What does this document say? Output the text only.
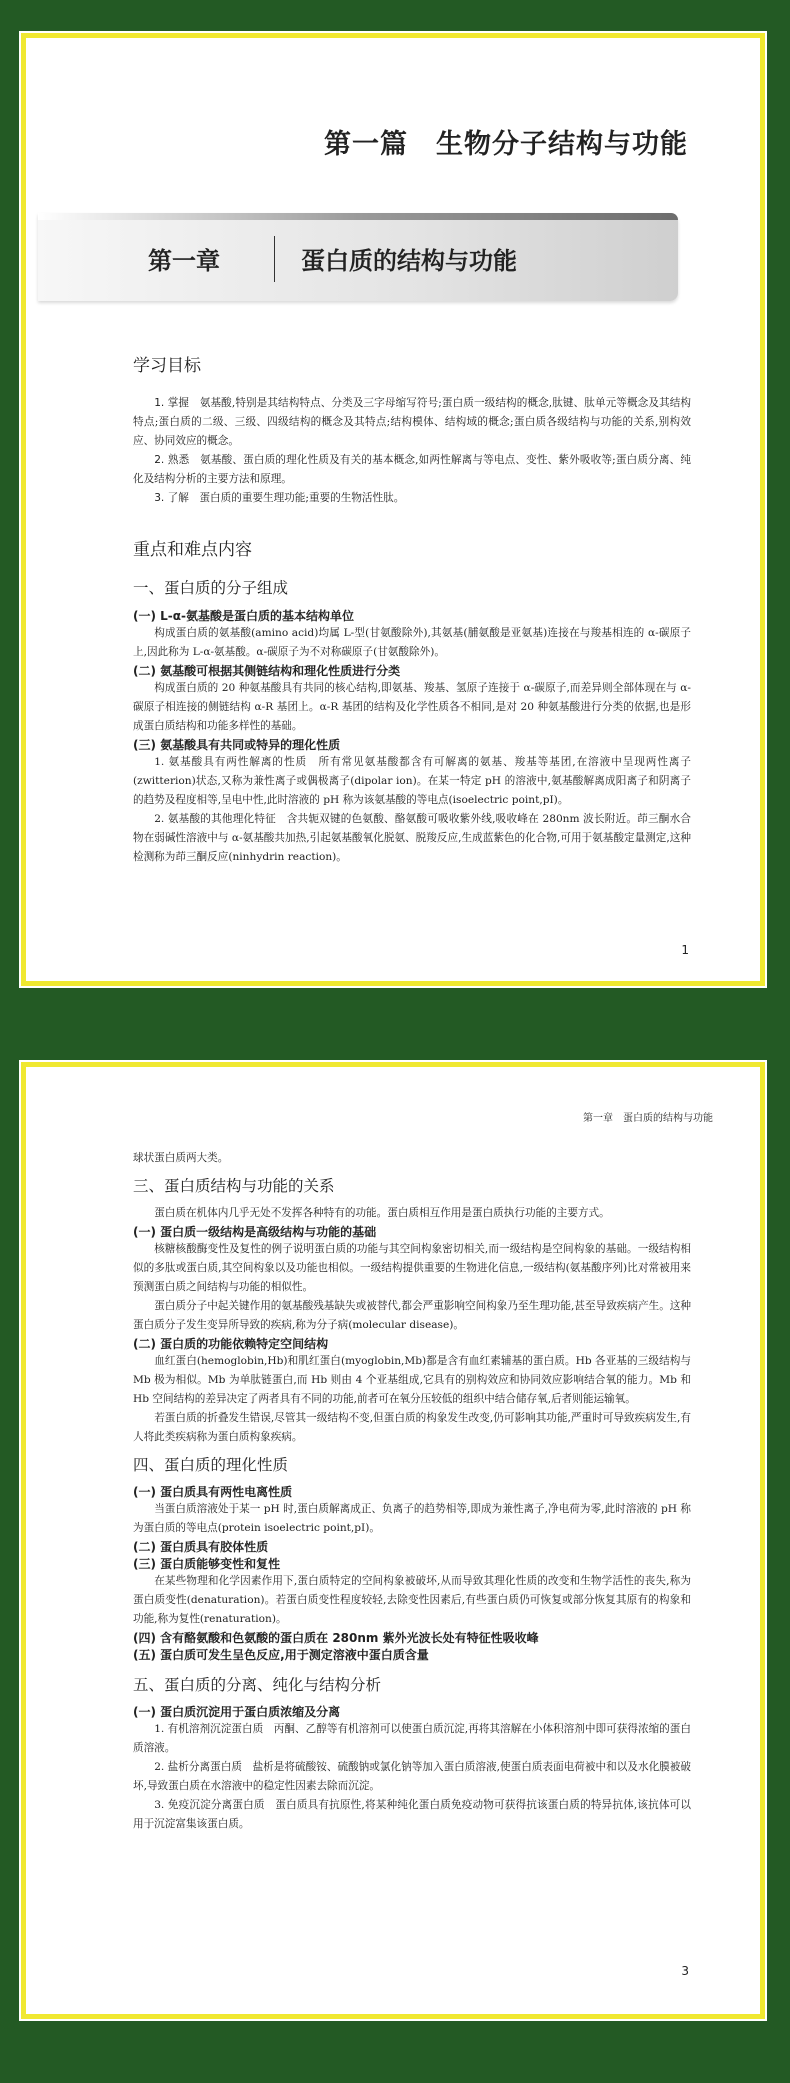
第一篇　生物分子结构与功能
第一章	蛋白质的结构与功能
学习目标

1. 掌握　 氨基酸,特别是其结构特点、分类及三字母缩写符号;蛋白质一级结构的概念,肽键、肽单元等概念及其结构特点;蛋白质的二级、三级、四级结构的概念及其特点;结构模体、结构域的概念;蛋白质各级结构与功能的关系,别构效应、协同效应的概念。

2. 熟悉　 氨基酸、蛋白质的理化性质及有关的基本概念,如两性解离与等电点、变性、紫外吸收等;蛋白质分离、纯化及结构分析的主要方法和原理。

3. 了解　 蛋白质的重要生理功能;重要的生物活性肽。

重点和难点内容
一、蛋白质的分子组成
(一) L-α-氨基酸是蛋白质的基本结构单位

构成蛋白质的氨基酸(amino acid)均属 L-型(甘氨酸除外),其氨基(脯氨酸是亚氨基)连接在与羧基相连的 α-碳原子上,因此称为 L-α-氨基酸。α-碳原子为不对称碳原子(甘氨酸除外)。

(二) 氨基酸可根据其侧链结构和理化性质进行分类

构成蛋白质的 20 种氨基酸具有共同的核心结构,即氨基、羧基、氢原子连接于 α-碳原子,而差异则全部体现在与 α-碳原子相连接的侧链结构 α-R 基团上。α-R 基团的结构及化学性质各不相同,是对 20 种氨基酸进行分类的依据,也是形成蛋白质结构和功能多样性的基础。

(三) 氨基酸具有共同或特异的理化性质

1. 氨基酸具有两性解离的性质　所有常见氨基酸都含有可解离的氨基、羧基等基团,在溶液中呈现两性离子(zwitterion)状态,又称为兼性离子或偶极离子(dipolar ion)。在某一特定 pH 的溶液中,氨基酸解离成阳离子和阴离子的趋势及程度相等,呈电中性,此时溶液的 pH 称为该氨基酸的等电点(isoelectric point,pI)。

2. 氨基酸的其他理化特征　含共轭双键的色氨酸、酪氨酸可吸收紫外线,吸收峰在 280nm 波长附近。茚三酮水合物在弱碱性溶液中与 α-氨基酸共加热,引起氨基酸氧化脱氨、脱羧反应,生成蓝紫色的化合物,可用于氨基酸定量测定,这种检测称为茚三酮反应(ninhydrin reaction)。

1
第一章　蛋白质的结构与功能

球状蛋白质两大类。

三、蛋白质结构与功能的关系

蛋白质在机体内几乎无处不发挥各种特有的功能。蛋白质相互作用是蛋白质执行功能的主要方式。

(一) 蛋白质一级结构是高级结构与功能的基础

核糖核酸酶变性及复性的例子说明蛋白质的功能与其空间构象密切相关,而一级结构是空间构象的基础。一级结构相似的多肽或蛋白质,其空间构象以及功能也相似。一级结构提供重要的生物进化信息,一级结构(氨基酸序列)比对常被用来预测蛋白质之间结构与功能的相似性。

蛋白质分子中起关键作用的氨基酸残基缺失或被替代,都会严重影响空间构象乃至生理功能,甚至导致疾病产生。这种蛋白质分子发生变异所导致的疾病,称为分子病(molecular disease)。

(二) 蛋白质的功能依赖特定空间结构

血红蛋白(hemoglobin,Hb)和肌红蛋白(myoglobin,Mb)都是含有血红素辅基的蛋白质。Hb 各亚基的三级结构与 Mb 极为相似。Mb 为单肽链蛋白,而 Hb 则由 4 个亚基组成,它具有的别构效应和协同效应影响结合氧的能力。Mb 和 Hb 空间结构的差异决定了两者具有不同的功能,前者可在氧分压较低的组织中结合储存氧,后者则能运输氧。

若蛋白质的折叠发生错误,尽管其一级结构不变,但蛋白质的构象发生改变,仍可影响其功能,严重时可导致疾病发生,有人将此类疾病称为蛋白质构象疾病。

四、蛋白质的理化性质
(一) 蛋白质具有两性电离性质

当蛋白质溶液处于某一 pH 时,蛋白质解离成正、负离子的趋势相等,即成为兼性离子,净电荷为零,此时溶液的 pH 称为蛋白质的等电点(protein isoelectric point,pI)。

(二) 蛋白质具有胶体性质
(三) 蛋白质能够变性和复性

在某些物理和化学因素作用下,蛋白质特定的空间构象被破坏,从而导致其理化性质的改变和生物学活性的丧失,称为蛋白质变性(denaturation)。若蛋白质变性程度较轻,去除变性因素后,有些蛋白质仍可恢复或部分恢复其原有的构象和功能,称为复性(renaturation)。

(四) 含有酪氨酸和色氨酸的蛋白质在 280nm 紫外光波长处有特征性吸收峰
(五) 蛋白质可发生呈色反应,用于测定溶液中蛋白质含量
五、蛋白质的分离、纯化与结构分析
(一) 蛋白质沉淀用于蛋白质浓缩及分离

1. 有机溶剂沉淀蛋白质　丙酮、乙醇等有机溶剂可以使蛋白质沉淀,再将其溶解在小体积溶剂中即可获得浓缩的蛋白质溶液。

2. 盐析分离蛋白质　盐析是将硫酸铵、硫酸钠或氯化钠等加入蛋白质溶液,使蛋白质表面电荷被中和以及水化膜被破坏,导致蛋白质在水溶液中的稳定性因素去除而沉淀。

3. 免疫沉淀分离蛋白质　蛋白质具有抗原性,将某种纯化蛋白质免疫动物可获得抗该蛋白质的特异抗体,该抗体可以用于沉淀富集该蛋白质。

3
